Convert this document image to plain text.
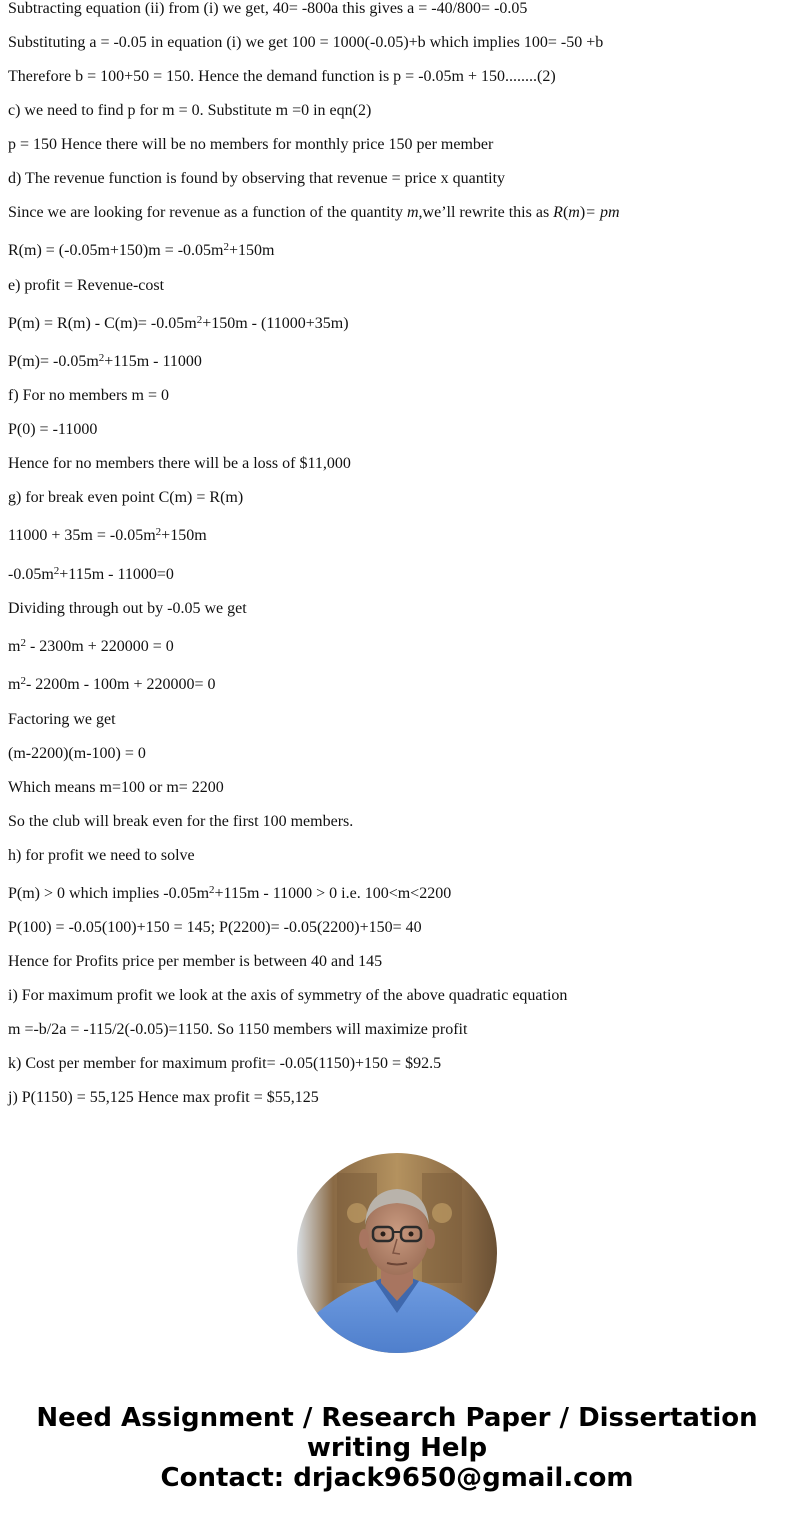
Subtracting equation (ii) from (i) we get, 40= -800a this gives a = -40/800= -0.05

Substituting a = -0.05 in equation (i) we get 100 = 1000(-0.05)+b which implies 100= -50 +b

Therefore b = 100+50 = 150. Hence the demand function is p = -0.05m + 150........(2)

c) we need to find p for m = 0. Substitute m =0 in eqn(2)

p = 150 Hence there will be no members for monthly price 150 per member

d) The revenue function is found by observing that revenue = price x quantity

Since we are looking for revenue as a function of the quantity m,we’ll rewrite this as R(m)= pm

$R(m) = (-0.05m+150)m = -0.05m^2+150m$

e) profit = Revenue-cost

$P(m) = R(m) - C(m)= -0.05m^2+150m - (11000+35m)$

$P(m)= -0.05m^2+115m - 11000$

f) For no members m = 0

P(0) = -11000

Hence for no members there will be a loss of $11,000

g) for break even point C(m) = R(m)

$11000 + 35m = -0.05m^2+150m$

$-0.05m^2+115m - 11000=0$

Dividing through out by -0.05 we get

$m^2 - 2300m + 220000 = 0$

$m^2-$ 2200m - 100m + 220000= 0

Factoring we get

(m-2200)(m-100) = 0

Which means m=100 or m= 2200

So the club will break even for the first 100 members.

h) for profit we need to solve

P(m) > 0 which implies $-0.05m^2+115m - 11000 > 0$ i.e. 100<m<2200

P(100) = -0.05(100)+150 = 145; P(2200)= -0.05(2200)+150= 40

Hence for Profits price per member is between 40 and 145

i) For maximum profit we look at the axis of symmetry of the above quadratic equation

m =-b/2a = -115/2(-0.05)=1150. So 1150 members will maximize profit

k) Cost per member for maximum profit= -0.05(1150)+150 = $92.5

j) P(1150) = 55,125 Hence max profit = $55,125

Need Assignment / Research Paper / Dissertation
writing Help
Contact: drjack9650@gmail.com
